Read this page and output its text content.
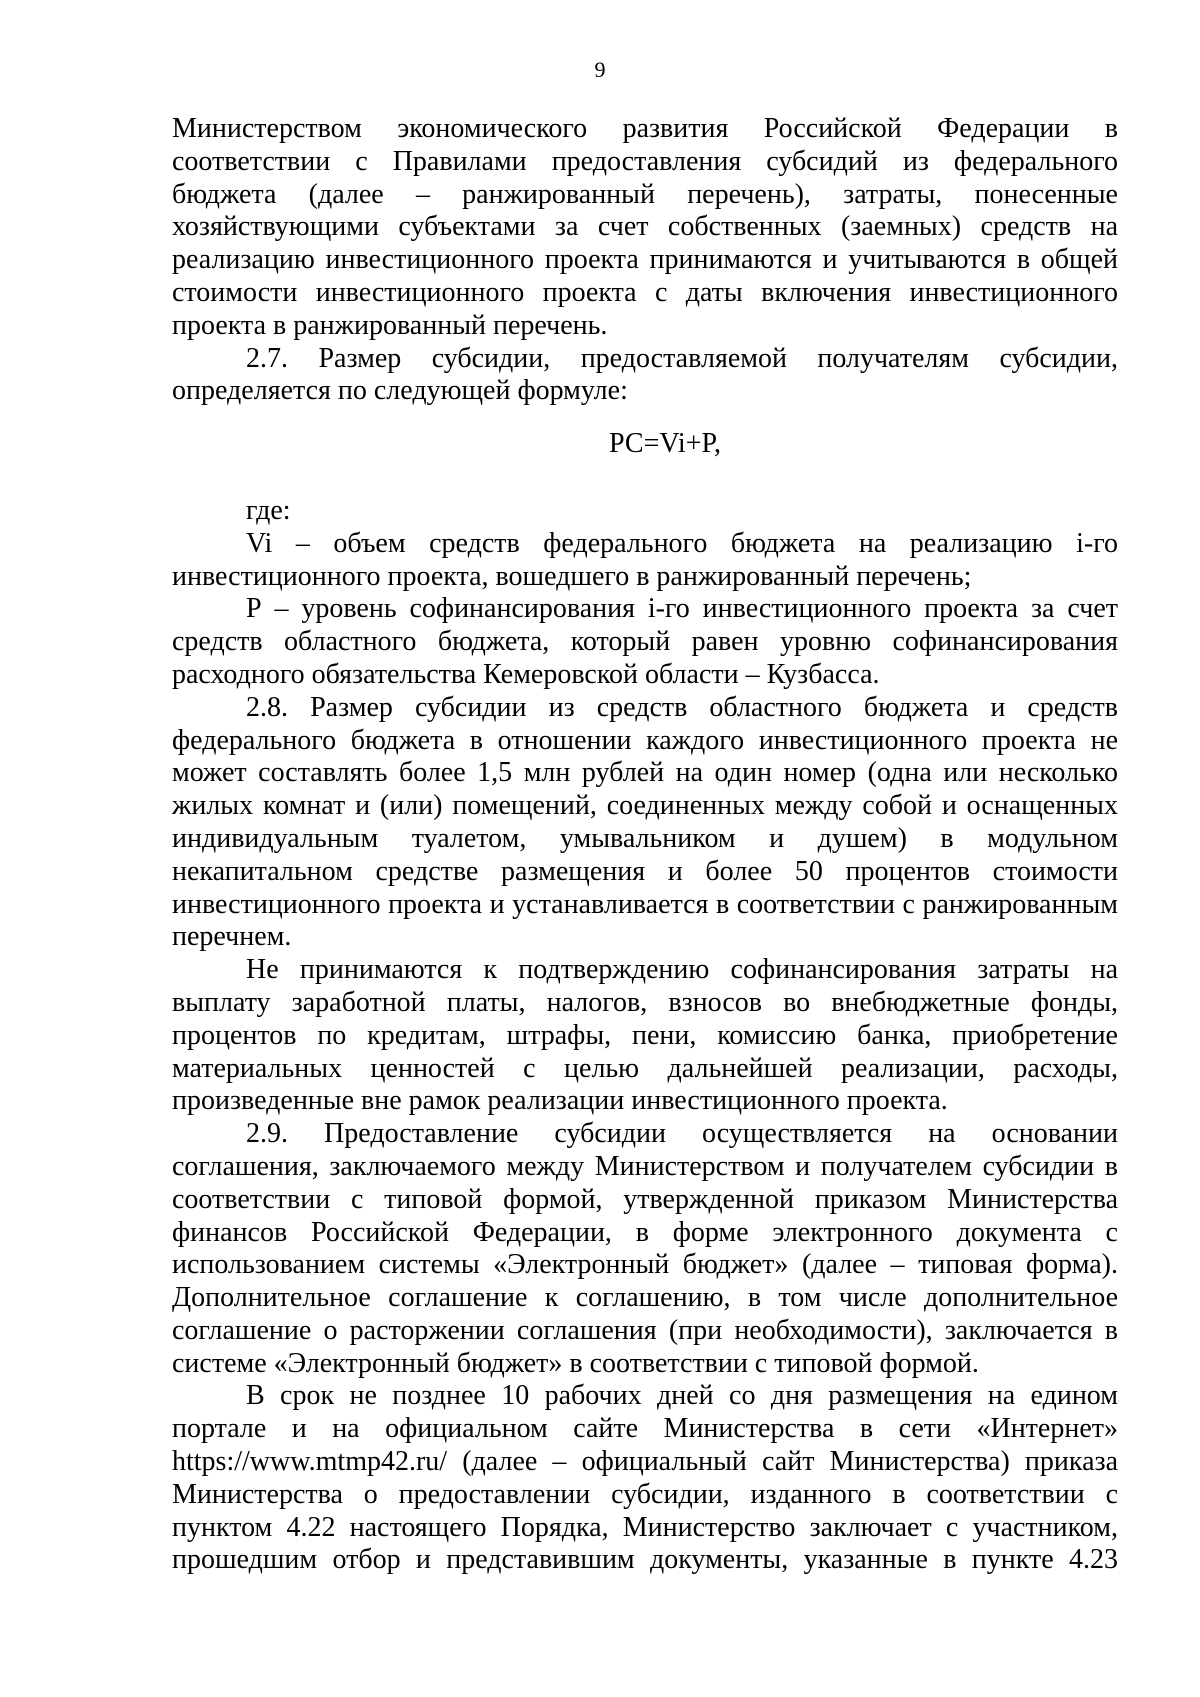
9

Министерством экономического развития Российской Федерации в соответствии с Правилами предоставления субсидий из федерального бюджета (далее – ранжированный перечень), затраты, понесенные хозяйствующими субъектами за счет собственных (заемных) средств на реализацию инвестиционного проекта принимаются и учитываются в общей стоимости инвестиционного проекта с даты включения инвестиционного проекта в ранжированный перечень.

2.7. Размер субсидии, предоставляемой получателям субсидии, определяется по следующей формуле:

РС=Vi+P,

где:

Vi – объем средств федерального бюджета на реализацию i-го инвестиционного проекта, вошедшего в ранжированный перечень;

Р – уровень софинансирования i-го инвестиционного проекта за счет средств областного бюджета, который равен уровню софинансирования расходного обязательства Кемеровской области – Кузбасса.

2.8. Размер субсидии из средств областного бюджета и средств федерального бюджета в отношении каждого инвестиционного проекта не может составлять более 1,5 млн рублей на один номер (одна или несколько жилых комнат и (или) помещений, соединенных между собой и оснащенных индивидуальным туалетом, умывальником и душем) в модульном некапитальном средстве размещения и более 50 процентов стоимости инвестиционного проекта и устанавливается в соответствии с ранжированным перечнем.

Не принимаются к подтверждению софинансирования затраты на выплату заработной платы, налогов, взносов во внебюджетные фонды, процентов по кредитам, штрафы, пени, комиссию банка, приобретение материальных ценностей с целью дальнейшей реализации, расходы, произведенные вне рамок реализации инвестиционного проекта.

2.9. Предоставление субсидии осуществляется на основании соглашения, заключаемого между Министерством и получателем субсидии в соответствии с типовой формой, утвержденной приказом Министерства финансов Российской Федерации, в форме электронного документа с использованием системы «Электронный бюджет» (далее – типовая форма). Дополнительное соглашение к соглашению, в том числе дополнительное соглашение о расторжении соглашения (при необходимости), заключается в системе «Электронный бюджет» в соответствии с типовой формой.

В срок не позднее 10 рабочих дней со дня размещения на едином портале и на официальном сайте Министерства в сети «Интернет» https://www.mtmp42.ru/ (далее – официальный сайт Министерства) приказа Министерства о предоставлении субсидии, изданного в соответствии с пунктом 4.22 настоящего Порядка, Министерство заключает с участником, прошедшим отбор и представившим документы, указанные в пункте 4.23
